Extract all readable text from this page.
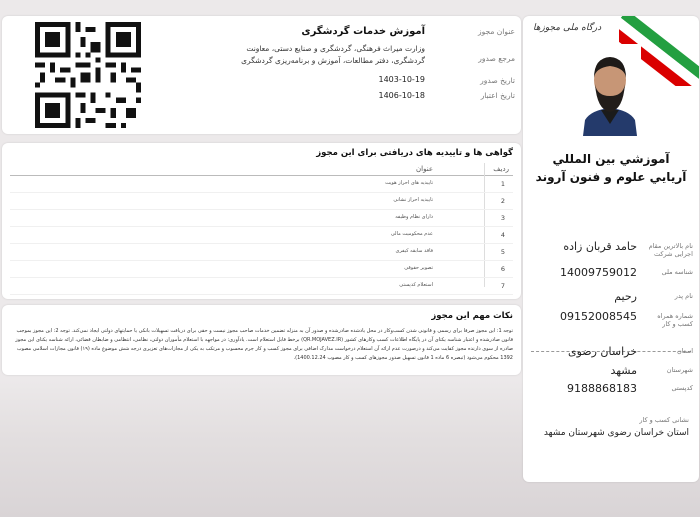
درگاه ملی مجوزها
آموزشي بين المللي آريايي علوم و فنون آروند
نام بالاترین مقام اجرایی شرکت
حامد قربان زاده
شناسه ملی
14009759012
نام پدر
رحیم
شماره همراه کسب و کار
09152008545
استان
خراسان رضوی
شهرستان
مشهد
کدپستی
9188868183
نشانی کسب و کار
استان خراسان رضوی شهرستان مشهد
عنوان مجوز
آموزش خدمات گردشگری
مرجع صدور
وزارت میراث فرهنگی، گردشگری و صنایع دستی، معاونت گردشگری، دفتر مطالعات، آموزش و برنامه‌ریزی گردشگری
تاریخ صدور
1403-10-19
تاریخ اعتبار
1406-10-18
گواهی ها و تاییدیه های دریافتی برای این مجوز
ردیف
عنوان
1
تاییدیه های احراز هویت
2
تاییدیه احراز نشانی
3
دارای نظام وظیفه
4
عدم محکومیت مالی
5
فاقد سابقه کیفری
6
تصویر حقوقی
7
استعلام کدپستی
نکات مهم این مجوز
توجه 1: این مجوز صرفا برای رسمی و قانونی شدن کسب‌وکار در محل یادشده صادرشده و صدور آن به منزله تضمین خدمات صاحب مجوز نیست و حقی برای دریافت تسهیلات بانکی یا حمایتهای دولتی ایجاد نمی‌کند. توجه 2: این مجوز بموجب قانون صادرشده و اعتبار شناسه یکتای آن در پایگاه اطلاعات کسب وکارهای کشور (QR.MOJAVEZ.IR) برخط قابل استعلام است. یادآوری: در مواجهه با استعلام مأموران دولتی، نظامی، انتظامی و ضابطان قضائی، ارائه شناسه یکتای این مجوز صادره از سوی دارنده مجوز کفایت می‌کند و درصورت عدم ارائه آن استعلام درخواست مدارک اضافی برای مجوز کسب و کار جرم محسوب و مرتکب به یکی از مجازات‌های تعزیری درجه شش موضوع ماده (۱۹) قانون مجازات اسلامی مصوب 1392 محکوم می‌شود (تبصره 6 ماده 1 قانون تسهیل صدور مجوزهای کسب و کار مصوب 1400.12.24).
